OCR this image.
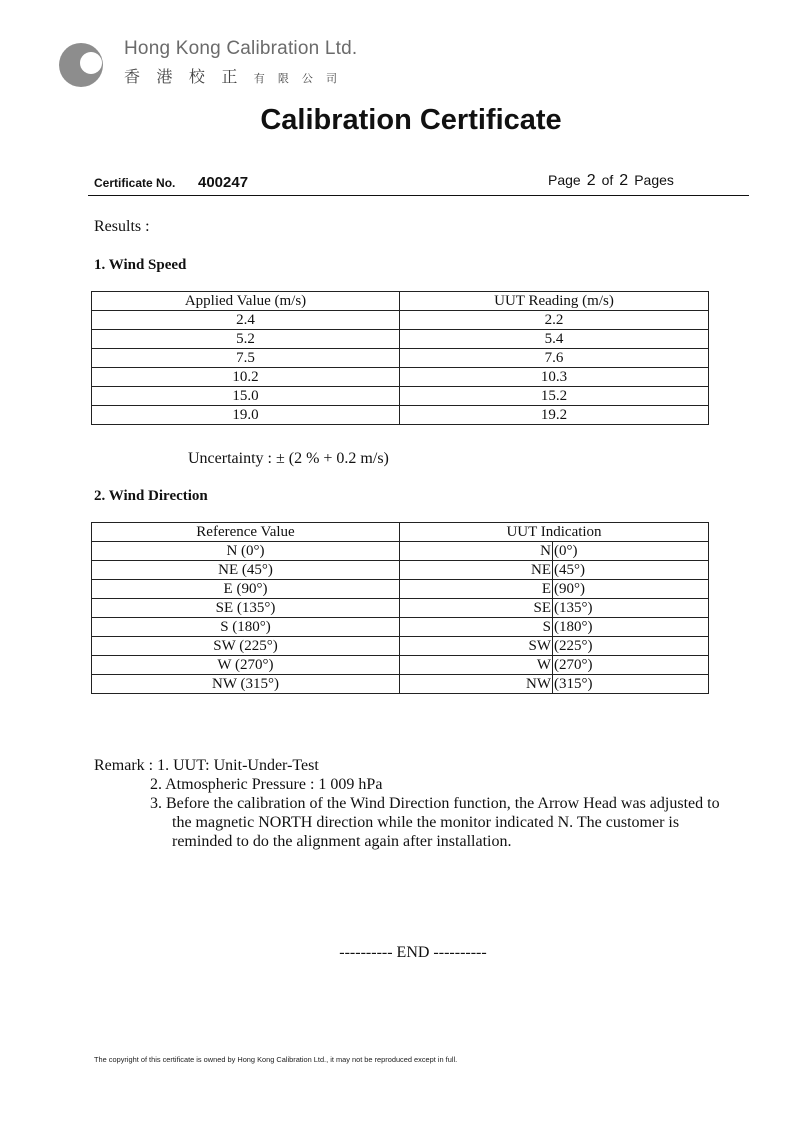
Hong Kong Calibration Ltd.
香 港 校 正 有 限 公 司
Calibration Certificate
Certificate No. 400247	Page 2 of 2 Pages
Results :
1. Wind Speed
Applied Value (m/s)	UUT Reading (m/s)
2.4	2.2
5.2	5.4
7.5	7.6
10.2	10.3
15.0	15.2
19.0	19.2
Uncertainty : ± (2 % + 0.2 m/s)
2. Wind Direction
Reference Value	UUT Indication
N (0°)	N (0°)
NE (45°)	NE (45°)
E (90°)	E (90°)
SE (135°)	SE (135°)
S (180°)	S (180°)
SW (225°)	SW (225°)
W (270°)	W (270°)
NW (315°)	NW (315°)
Remark : 1. UUT: Unit-Under-Test
2. Atmospheric Pressure : 1 009 hPa
3. Before the calibration of the Wind Direction function, the Arrow Head was adjusted to
the magnetic NORTH direction while the monitor indicated N. The customer is
reminded to do the alignment again after installation.
---------- END ----------
The copyright of this certificate is owned by Hong Kong Calibration Ltd., it may not be reproduced except in full.
